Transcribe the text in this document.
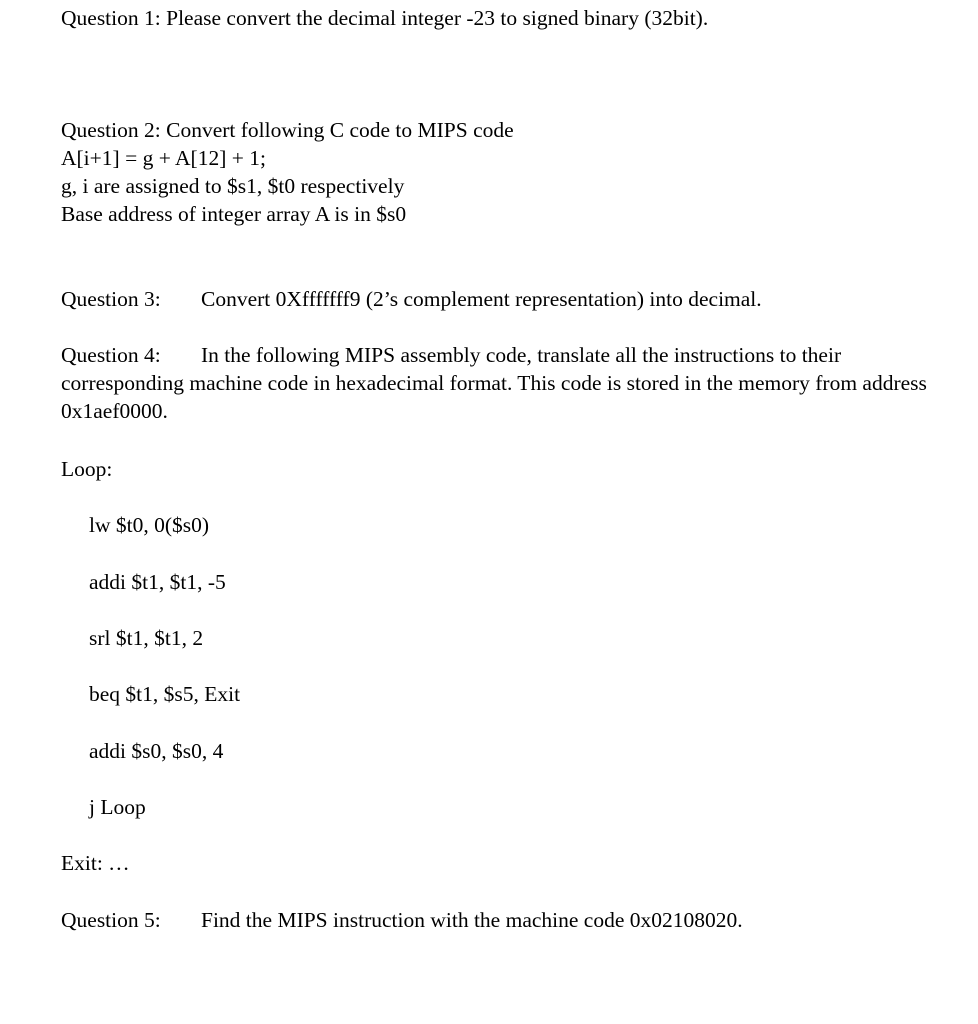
Question 1: Please convert the decimal integer -23 to signed binary (32bit).
Question 2: Convert following C code to MIPS code
A[i+1] = g + A[12] + 1;
g, i are assigned to $s1, $t0 respectively
Base address of integer array A is in $s0
Question 3: Convert 0Xfffffff9 (2’s complement representation) into decimal.
Question 4: In the following MIPS assembly code, translate all the instructions to their corresponding machine code in hexadecimal format. This code is stored in the memory from address 0x1aef0000.
Loop:
lw $t0, 0($s0)
addi $t1, $t1, -5
srl $t1, $t1, 2
beq $t1, $s5, Exit
addi $s0, $s0, 4
j Loop
Exit: …
Question 5: Find the MIPS instruction with the machine code 0x02108020.
